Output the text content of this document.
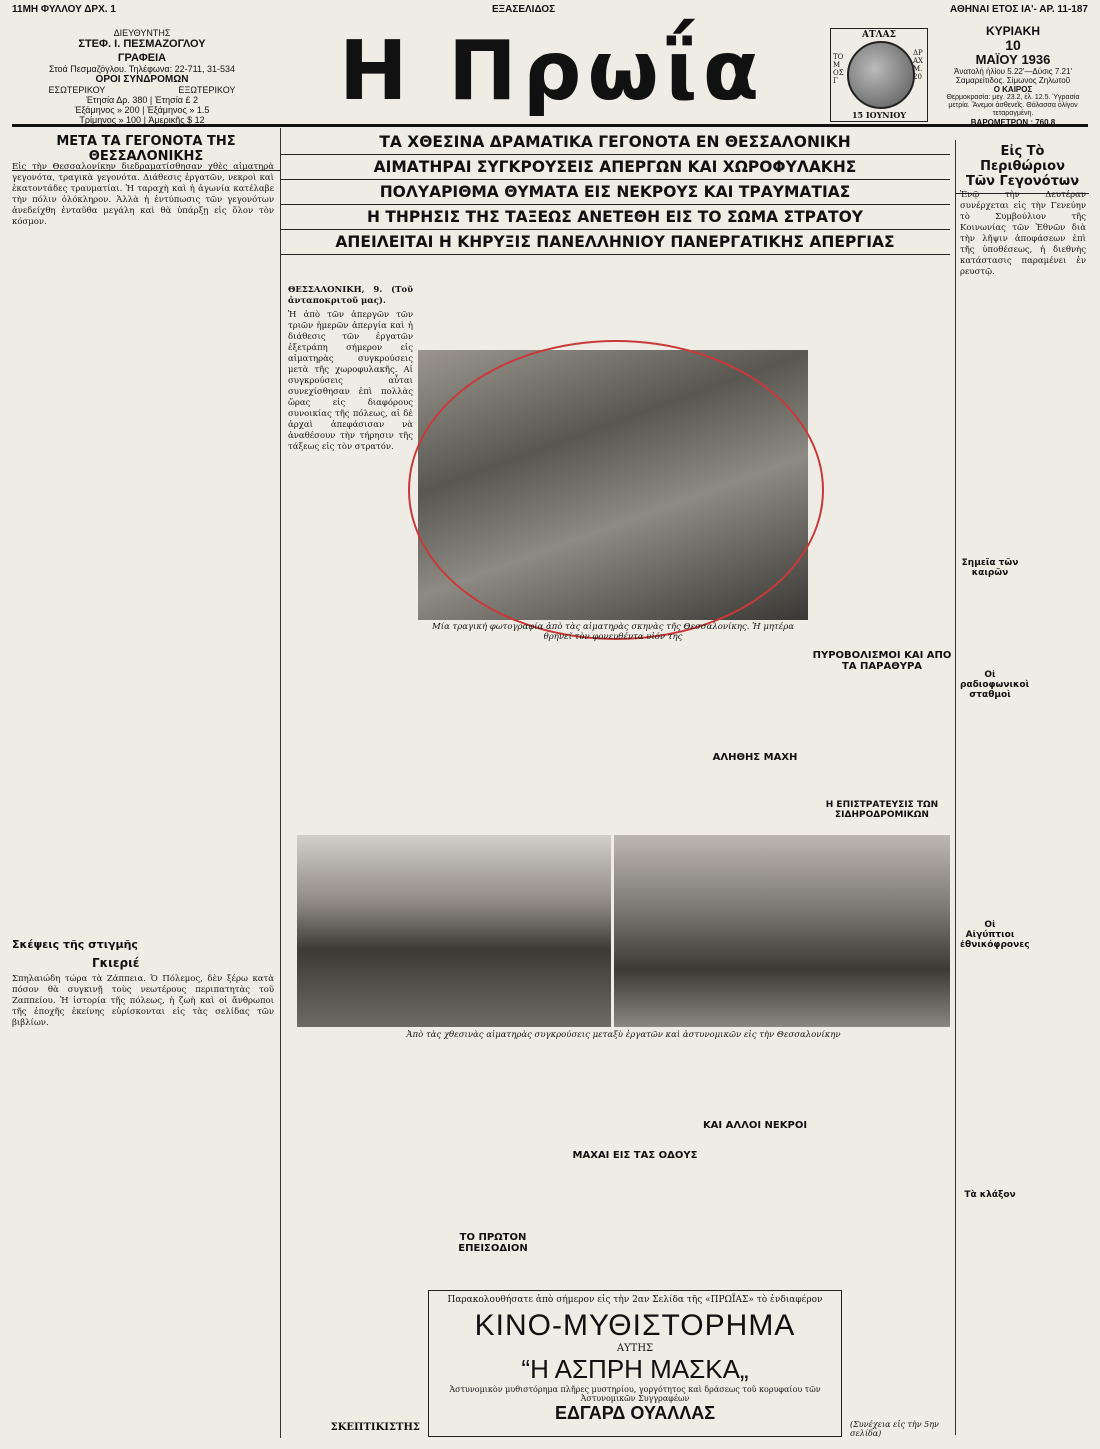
11ΜΗ ΦΥΛΛΟΥ ΔΡΧ. 1	ΕΞΑΣΕΛΙΔΟΣ	ΑΘΗΝΑΙ ΕΤΟΣ ΙΑ'- ΑΡ. 11-187
ΔΙΕΥΘΥΝΤΗΣ
ΣΤΕΦ. Ι. ΠΕΣΜΑΖΟΓΛΟΥ
ΓΡΑΦΕΙΑ
Στοά Πεσμαζόγλου. Τηλέφωνα: 22-711, 31-534
ΟΡΟΙ ΣΥΝΔΡΟΜΩΝ
ΕΣΩΤΕΡΙΚΟΥ	ΕΞΩΤΕΡΙΚΟΥ
Ἐτησία Δρ. 380 | Ἐτησία £ 2
Ἑξάμηνος » 200 | Ἑξάμηνος » 1.5
Τρίμηνος » 100 | Ἀμερικῆς $ 12
Η Πρωΐα	ΑΤΛΑΣ
ΤΟΜΟΣ Γ
ΔΡΑΧΜ. 20
15 ΙΟΥΝΙΟΥ
ΚΥΡΙΑΚΗ
10
ΜΑΪΟΥ 1936
Ἀνατολή ἡλίου 5.22'—Δύσις 7.21'
Σαμαρείτιδος. Σίμωνος Ζηλωτοῦ
Ο ΚΑΙΡΟΣ
Θερμοκρασία: μεγ. 23.2, ἐλ. 12.5. Ὑγρασία μετρία. Ἄνεμοι ἀσθενεῖς. Θάλασσα ὀλίγον τεταραγμένη.
ΒΑΡΟΜΕΤΡΟΝ : 760.8
ΜΕΤΑ ΤΑ ΓΕΓΟΝΟΤΑ ΤΗΣ ΘΕΣΣΑΛΟΝΙΚΗΣ

Εἰς τὴν Θεσσαλονίκην διεδραματίσθησαν χθὲς αἱματηρὰ γεγονότα, τραγικὰ γεγονότα. Διάθεσις ἐργατῶν, νεκροὶ καὶ ἐκατοντάδες τραυματίαι. Ἡ ταραχὴ καὶ ἡ ἀγωνία κατέλαβε τὴν πόλιν ὁλόκληρον. Ἀλλὰ ἡ ἐντύπωσις τῶν γεγονότων ἀνεδείχθη ἐνταῦθα μεγάλη καὶ θὰ ὑπάρξῃ εἰς ὅλον τὸν κόσμον.

Σκέψεις τῆς στιγμῆς
Γκιεριέ

Σπηλαιώδη τώρα τὰ Ζάππεια. Ὁ Πόλεμος, δὲν ξέρω κατὰ πόσον θὰ συγκινῇ τοὺς νεωτέρους περιπατητὰς τοῦ Ζαππείου. Ἡ ἱστορία τῆς πόλεως, ἡ ζωὴ καὶ οἱ ἄνθρωποι τῆς ἐποχῆς ἐκείνης εὑρίσκονται εἰς τὰς σελίδας τῶν βιβλίων.

ΤΑ ΧΘΕΣΙΝΑ ΔΡΑΜΑΤΙΚΑ ΓΕΓΟΝΟΤΑ ΕΝ ΘΕΣΣΑΛΟΝΙΚΗ
ΑΙΜΑΤΗΡΑΙ ΣΥΓΚΡΟΥΣΕΙΣ ΑΠΕΡΓΩΝ ΚΑΙ ΧΩΡΟΦΥΛΑΚΗΣ
ΠΟΛΥΑΡΙΘΜΑ ΘΥΜΑΤΑ ΕΙΣ ΝΕΚΡΟΥΣ ΚΑΙ ΤΡΑΥΜΑΤΙΑΣ
Η ΤΗΡΗΣΙΣ ΤΗΣ ΤΑΞΕΩΣ ΑΝΕΤΕΘΗ ΕΙΣ ΤΟ ΣΩΜΑ ΣΤΡΑΤΟΥ
ΑΠΕΙΛΕΙΤΑΙ Η ΚΗΡΥΞΙΣ ΠΑΝΕΛΛΗΝΙΟΥ ΠΑΝΕΡΓΑΤΙΚΗΣ ΑΠΕΡΓΙΑΣ

ΘΕΣΣΑΛΟΝΙΚΗ, 9. (Τοῦ ἀνταποκριτοῦ μας).

Ἡ ἀπὸ τῶν ἀπεργῶν τῶν τριῶν ἡμερῶν ἀπεργία καὶ ἡ διάθεσις τῶν ἐργατῶν ἐξετράπη σήμερον εἰς αἱματηρὰς συγκρούσεις μετὰ τῆς χωροφυλακῆς. Αἱ συγκρούσεις αὗται συνεχίσθησαν ἐπὶ πολλὰς ὥρας εἰς διαφόρους συνοικίας τῆς πόλεως, αἱ δὲ ἀρχαὶ ἀπεφάσισαν νὰ ἀναθέσουν τὴν τήρησιν τῆς τάξεως εἰς τὸν στρατόν.

Μία τραγική φωτογραφία ἀπὸ τὰς αἱματηρὰς σκηνὰς τῆς Θεσσαλονίκης. Ἡ μητέρα θρηνεῖ τὸν φονευθέντα υἱόν της
ΠΥΡΟΒΟΛΙΣΜΟΙ ΚΑΙ ΑΠΟ ΤΑ ΠΑΡΑΘΥΡΑ
ΑΛΗΘΗΣ ΜΑΧΗ
Η ΕΠΙΣΤΡΑΤΕΥΣΙΣ ΤΩΝ ΣΙΔΗΡΟΔΡΟΜΙΚΩΝ
Ἀπὸ τὰς χθεσινὰς αἱματηρὰς συγκρούσεις μεταξὺ ἐργατῶν καὶ ἀστυνομικῶν εἰς τὴν Θεσσαλονίκην
ΤΟ ΠΡΩΤΟΝ ΕΠΕΙΣΟΔΙΟΝ
ΜΑΧΑΙ ΕΙΣ ΤΑΣ ΟΔΟΥΣ
ΚΑΙ ΑΛΛΟΙ ΝΕΚΡΟΙ
ΣΚΕΠΤΙΚΙΣΤΗΣ
Παρακολουθήσατε ἀπὸ σήμερον εἰς τὴν 2αν Σελίδα τῆς «ΠΡΩΪΑΣ» τὸ ἐνδιαφέρον
ΚΙΝΟ-ΜΥΘΙΣΤΟΡΗΜΑ
ΑΥΤΗΣ
“Η ΑΣΠΡΗ ΜΑΣΚΑ„
Ἀστυνομικὸν μυθιστόρημα πλῆρες μυστηρίου, γοργότητος καὶ δράσεως τοῦ κορυφαίου τῶν Ἀστυνομικῶν Συγγραφέων
ΕΔΓΑΡΔ ΟΥΑΛΛΑΣ
(Συνέχεια εἰς τὴν 5ην σελίδα)
Εἰς Τὸ Περιθώριον
Τῶν Γεγονότων

Ἐνῷ τὴν Δευτέραν συνέρχεται εἰς τὴν Γενεύην τὸ Συμβούλιον τῆς Κοινωνίας τῶν Ἐθνῶν διὰ τὴν λῆψιν ἀποφάσεων ἐπὶ τῆς ὑποθέσεως, ἡ διεθνὴς κατάστασις παραμένει ἐν ρευστῷ.

Σημεῖα τῶν καιρῶν
Οἱ ραδιοφωνικοὶ σταθμοὶ
Οἱ Αἰγύπτιοι ἐθνικόφρονες
Τὰ κλάξον
